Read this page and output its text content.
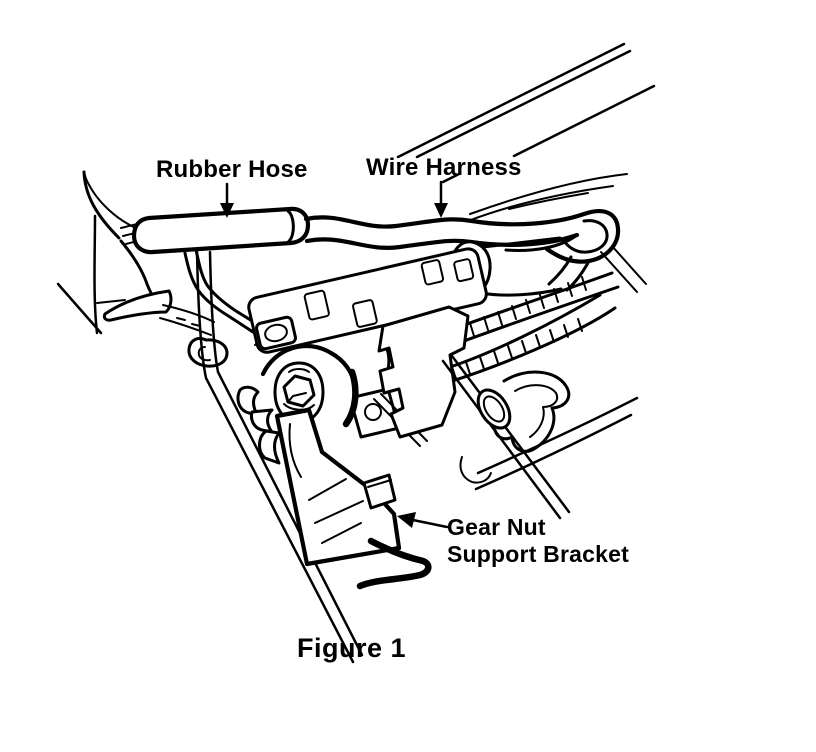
Rubber Hose Wire Harness
Gear Nut
Support Bracket
Figure 1
